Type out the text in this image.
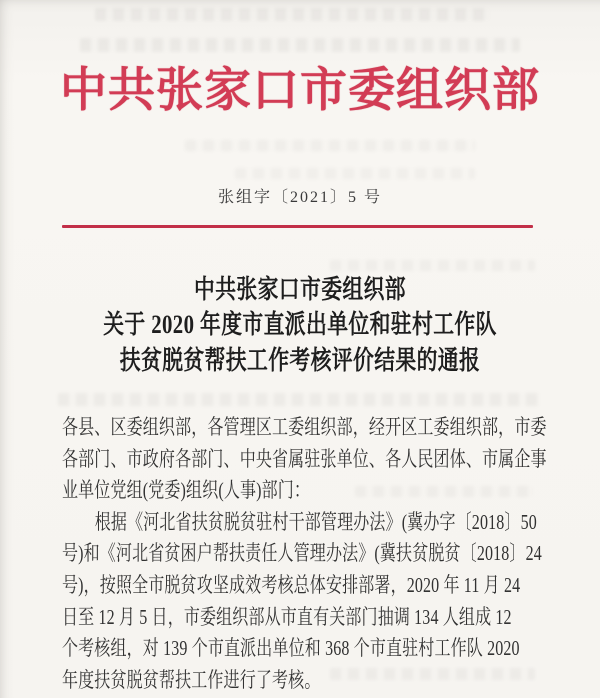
中共张家口市委组织部
张组字〔2021〕5 号
中共张家口市委组织部
关于 2020 年度市直派出单位和驻村工作队
扶贫脱贫帮扶工作考核评价结果的通报
各县、区委组织部，各管理区工委组织部，经开区工委组织部，市委
各部门、市政府各部门、中央省属驻张单位、各人民团体、市属企事
业单位党组(党委)组织(人事)部门：
根据《河北省扶贫脱贫驻村干部管理办法》(冀办字〔2018〕50
号)和《河北省贫困户帮扶责任人管理办法》(冀扶贫脱贫〔2018〕24
号)，按照全市脱贫攻坚成效考核总体安排部署，2020 年 11 月 24
日至 12 月 5 日，市委组织部从市直有关部门抽调 134 人组成 12
个考核组，对 139 个市直派出单位和 368 个市直驻村工作队 2020
年度扶贫脱贫帮扶工作进行了考核。
